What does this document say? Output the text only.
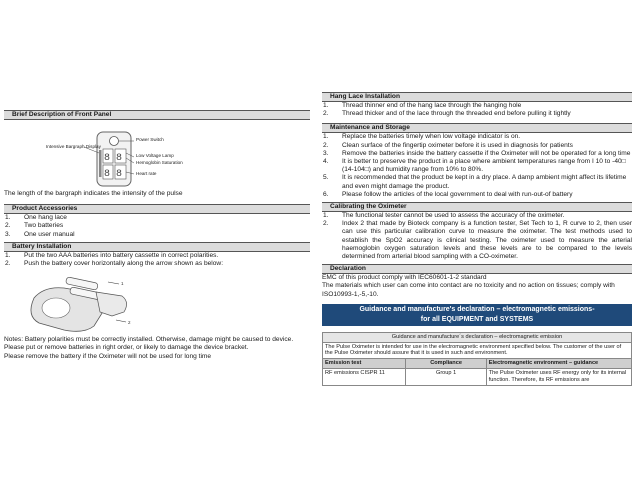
Brief Description of Front Panel
8 8
8 8
Power Switch
Low Voltage Lamp
Hemoglobin Saturation
Heart rate
Intensive Bargraph Display
The length of the bargraph indicates the intensity of the pulse
Product Accessories
1.	One hang lace
2.	Two batteries
3.	One user manual
Battery Installation
1.	Put the two AAA batteries into battery cassette in correct polarities.
2.	Push the battery cover horizontally along the arrow shown as below:
1
2
Notes: Battery polarities must be correctly installed. Otherwise, damage might be caused to device.
Please put or remove batteries in right order, or likely to damage the device bracket.
Please remove the battery if the Oximeter will not be used for long time
Hang Lace Installation
1.	Thread thinner end of the hang lace through the hanging hole
2.	Thread thicker and of the lace through the threaded end before pulling it tightly
Maintenance and Storage
1.	Replace the batteries timely when low voltage indicator is on.
2.	Clean surface of the fingertip oximeter before it is used in diagnosis for patients
3.	Remove the batteries inside the battery cassette if the Oximeter will not be operated for a long time
4.	It is better to preserve the product in a place where ambient temperatures range from I 10 to -40□ (14-104□) and humidity range from 10% to 80%.
5.	It is recommended that the product be kept in a dry place. A damp ambient might affect its lifetime and even might damage the product.
6.	Please follow the articles of the local government to deal with run-out-of battery
Calibrating the Oximeter
1.	The functional tester cannot be used to assess the accuracy of the oximeter.
2.	Index 2 that made by Bioteck company is a function tester, Set Tech to 1, R curve to 2, then user can use this particular calibration curve to measure the oximeter. The test methods used to establish the SpO2 accuracy is clinical testing. The oximeter used to measure the arterial haemoglobin oxygen saturation levels and these levels are to be compared to the levels determined from arterial blood sampling with a CO-oximeter.
Declaration
EMC of this product comply with IEC60601-1-2 standard
The materials which user can come into contact are no toxicity and no action on tissues; comply with ISO10993-1,-5,-10.
Guidance and manufacture's declaration – electromagnetic emissions-
for all EQUIPMENT and SYSTEMS
Guidance and manufacture´s declaration – electromagnetic emission		
The Pulse Oximeter is intended for use in the electromagnetic environment specified below. The customer of the user of the Pulse Oximeter should assure that it is used in such and environment.		
Emission test	Compliance	Electromagnetic environment – guidance
RF emissions CISPR 11	Group 1	The Pulse Oximeter uses RF energy only for its internal function. Therefore, its RF emissions are
